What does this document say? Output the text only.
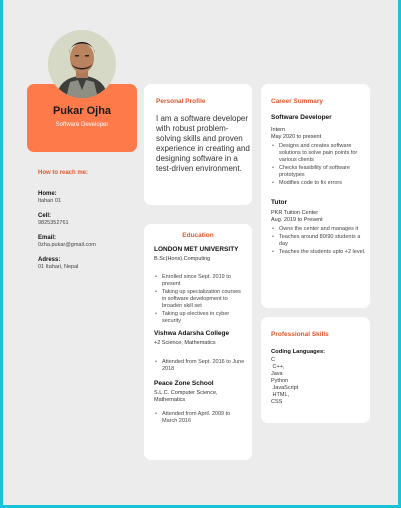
Pukar Ojha
Software Developer
How to reach me:
Home:
Itahari 01
Cell:
9825352761
Email:
0zha.pukar@gmail.com
Adress:
01 Itahari, Nepal
Personal Profile
I am a software developer with robust problem-solving skills and proven experience in creating and designing software in a test-driven environment.
Education
LONDON MET UNIVERSITY
B.Sc(Hons).Computing
• Enrolled since Sept. 2019 to present
• Taking up specialization courses in software development to broaden skill set
• Taking up electives in cyber security
Vishwa Adarsha College
+2 Science, Mathematics
• Attended from Sept. 2016 to June 2018
Peace Zone School
S.L.C. Computer Science, Mathematics
• Attended from April. 2009 to March 2016
Career Summary
Software Developer
Intern
May 2020 to present
• Designs and creates software solutions to solve pain points for various clients
• Checks feasibility of software prototypes
• Modifies code to fix errors
Tutor
PKR Tuition Center
Aug. 2019 to Present
• Owns the center and manages it
• Teaches around 80/90 students a day
• Teaches the students upto +2 level.
Professional Skills
Coding Languages:
C
C++,
Java
Python
JavaScript
HTML,
CSS
